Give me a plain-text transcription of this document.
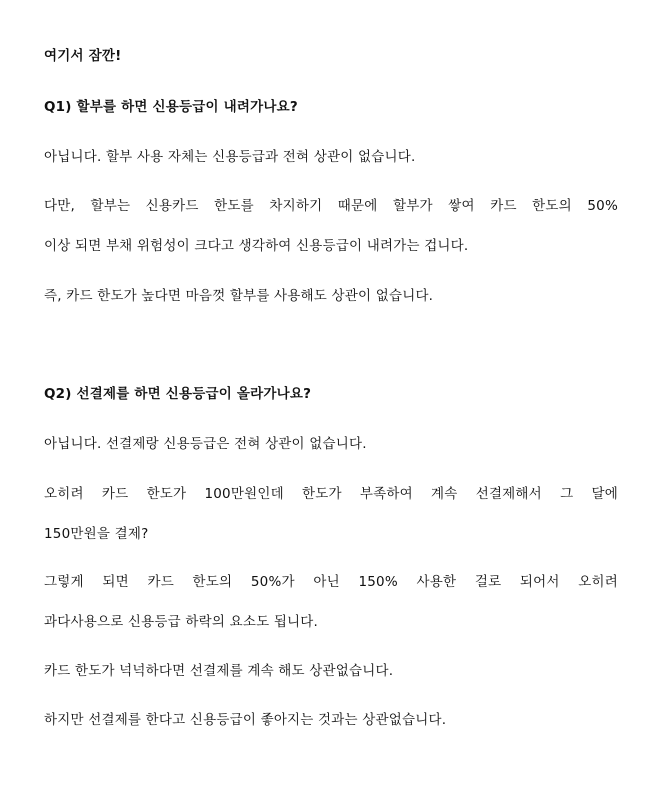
여기서 잠깐!
Q1) 할부를 하면 신용등급이 내려가나요?
아닙니다. 할부 사용 자체는 신용등급과 전혀 상관이 없습니다.
다만, 할부는 신용카드 한도를 차지하기 때문에 할부가 쌓여 카드 한도의 50%
이상 되면 부채 위험성이 크다고 생각하여 신용등급이 내려가는 겁니다.
즉, 카드 한도가 높다면 마음껏 할부를 사용해도 상관이 없습니다.
Q2) 선결제를 하면 신용등급이 올라가나요?
아닙니다. 선결제랑 신용등급은 전혀 상관이 없습니다.
오히려 카드 한도가 100만원인데 한도가 부족하여 계속 선결제해서 그 달에
150만원을 결제?
그렇게 되면 카드 한도의 50%가 아닌 150% 사용한 걸로 되어서 오히려
과다사용으로 신용등급 하락의 요소도 됩니다.
카드 한도가 넉넉하다면 선결제를 계속 해도 상관없습니다.
하지만 선결제를 한다고 신용등급이 좋아지는 것과는 상관없습니다.
